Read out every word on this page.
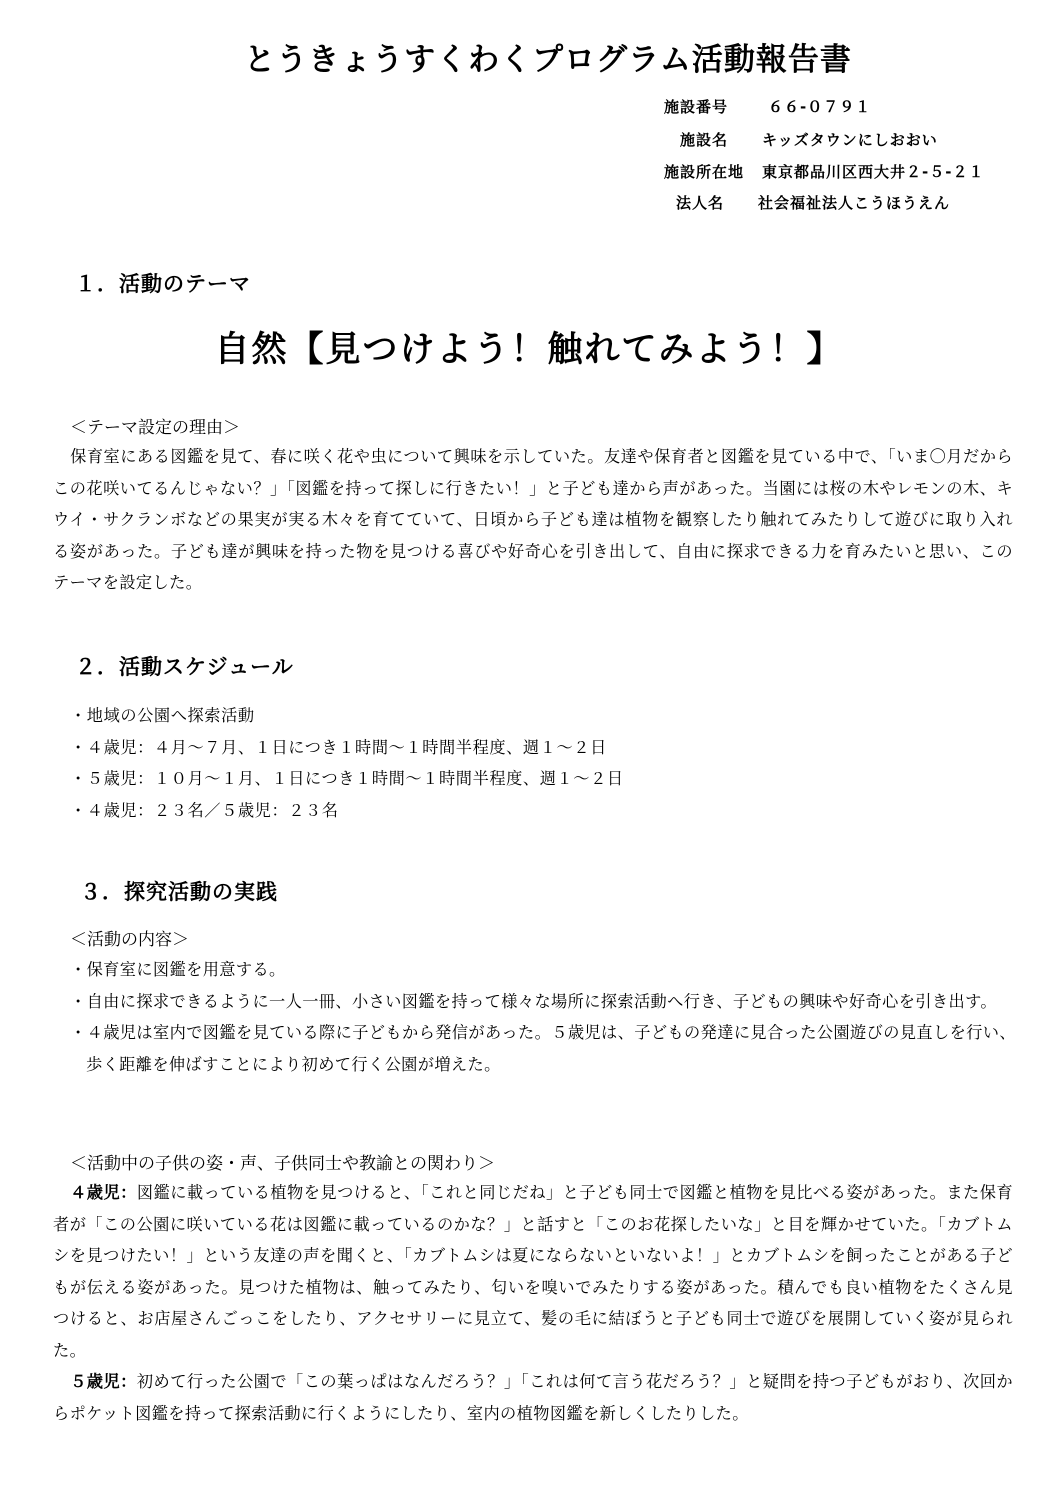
とうきょうすくわくプログラム活動報告書
施設番号	６６-０７９１
施設名 キッズタウンにしおおい
施設所在地 東京都品川区西大井２-５-２１
法人名 社会福祉法人こうほうえん
１．活動のテーマ
自然【見つけよう！触れてみよう！】
＜テーマ設定の理由＞
保育室にある図鑑を見て、春に咲く花や虫について興味を示していた。友達や保育者と図鑑を見ている中で、「いま〇月だからこの花咲いてるんじゃない？」「図鑑を持って探しに行きたい！」と子ども達から声があった。当園には桜の木やレモンの木、キウイ・サクランボなどの果実が実る木々を育てていて、日頃から子ども達は植物を観察したり触れてみたりして遊びに取り入れる姿があった。子ども達が興味を持った物を見つける喜びや好奇心を引き出して、自由に探求できる力を育みたいと思い、このテーマを設定した。
２．活動スケジュール
・地域の公園へ探索活動
・４歳児：４月～７月、１日につき１時間～１時間半程度、週１～２日
・５歳児：１０月～１月、１日につき１時間～１時間半程度、週１～２日
・４歳児：２３名／５歳児：２３名
３．探究活動の実践
＜活動の内容＞
・保育室に図鑑を用意する。
・自由に探求できるように一人一冊、小さい図鑑を持って様々な場所に探索活動へ行き、子どもの興味や好奇心を引き出す。
・４歳児は室内で図鑑を見ている際に子どもから発信があった。５歳児は、子どもの発達に見合った公園遊びの見直しを行い、歩く距離を伸ばすことにより初めて行く公園が増えた。
＜活動中の子供の姿・声、子供同士や教諭との関わり＞
４歳児：図鑑に載っている植物を見つけると、「これと同じだね」と子ども同士で図鑑と植物を見比べる姿があった。また保育者が「この公園に咲いている花は図鑑に載っているのかな？」と話すと「このお花探したいな」と目を輝かせていた。「カブトムシを見つけたい！」という友達の声を聞くと、「カブトムシは夏にならないといないよ！」とカブトムシを飼ったことがある子どもが伝える姿があった。見つけた植物は、触ってみたり、匂いを嗅いでみたりする姿があった。積んでも良い植物をたくさん見つけると、お店屋さんごっこをしたり、アクセサリーに見立て、髪の毛に結ぼうと子ども同士で遊びを展開していく姿が見られた。
５歳児：初めて行った公園で「この葉っぱはなんだろう？」「これは何て言う花だろう？」と疑問を持つ子どもがおり、次回からポケット図鑑を持って探索活動に行くようにしたり、室内の植物図鑑を新しくしたりした。
